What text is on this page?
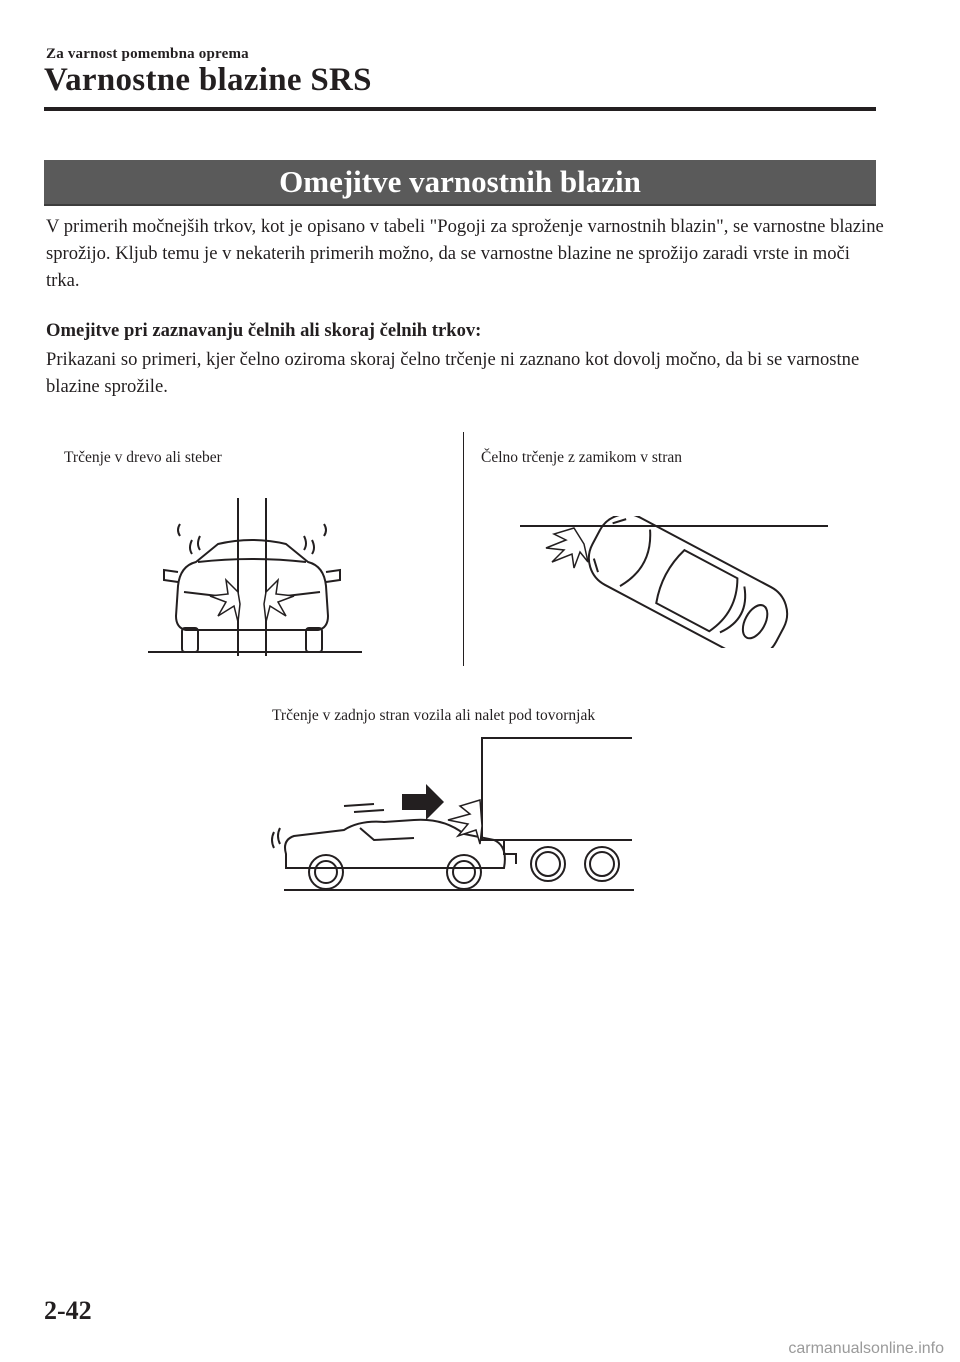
Za varnost pomembna oprema
Varnostne blazine SRS
Omejitve varnostnih blazin
V primerih močnejših trkov, kot je opisano v tabeli "Pogoji za sproženje varnostnih blazin", se varnostne blazine sprožijo. Kljub temu je v nekaterih primerih možno, da se varnostne blazine ne sprožijo zaradi vrste in moči trka.
Omejitve pri zaznavanju čelnih ali skoraj čelnih trkov:
Prikazani so primeri, kjer čelno oziroma skoraj čelno trčenje ni zaznano kot dovolj močno, da bi se varnostne blazine sprožile.
Trčenje v drevo ali steber	Čelno trčenje z zamikom v stran
Trčenje v zadnjo stran vozila ali nalet pod tovornjak
2-42
carmanualsonline.info
